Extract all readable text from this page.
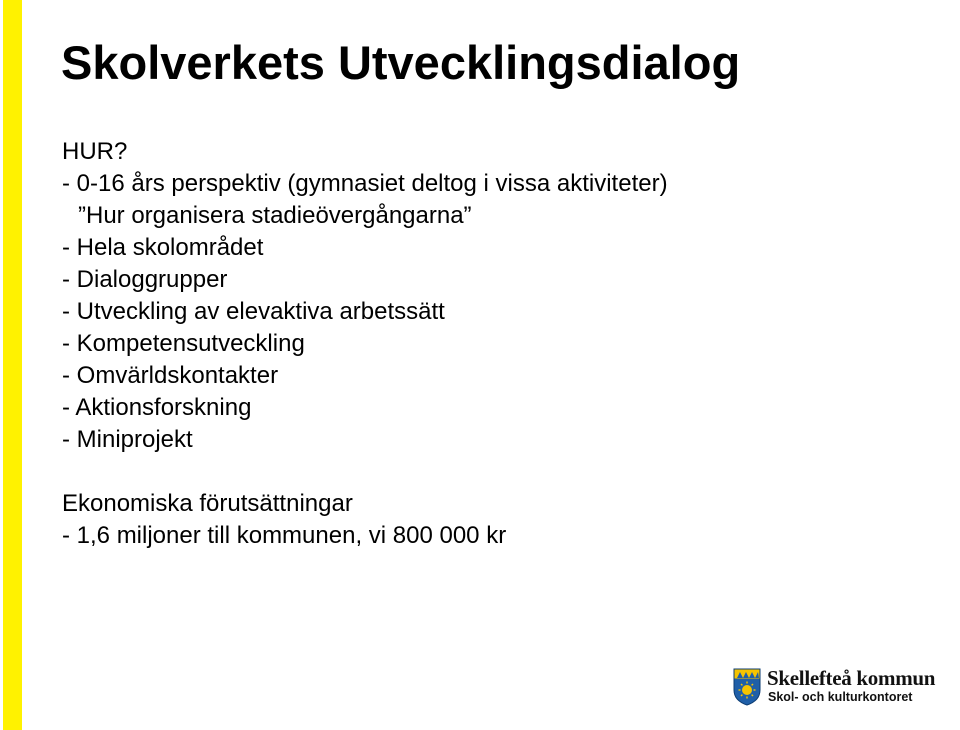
Skolverkets Utvecklingsdialog
HUR?
- 0-16 års perspektiv (gymnasiet deltog i vissa aktiviteter)
”Hur organisera stadieövergångarna”
- Hela skolområdet
- Dialoggrupper
- Utveckling av elevaktiva arbetssätt
- Kompetensutveckling
- Omvärldskontakter
- Aktionsforskning
- Miniprojekt
Ekonomiska förutsättningar
- 1,6 miljoner till kommunen, vi 800 000 kr
Skellefteå kommun
Skol- och kulturkontoret
